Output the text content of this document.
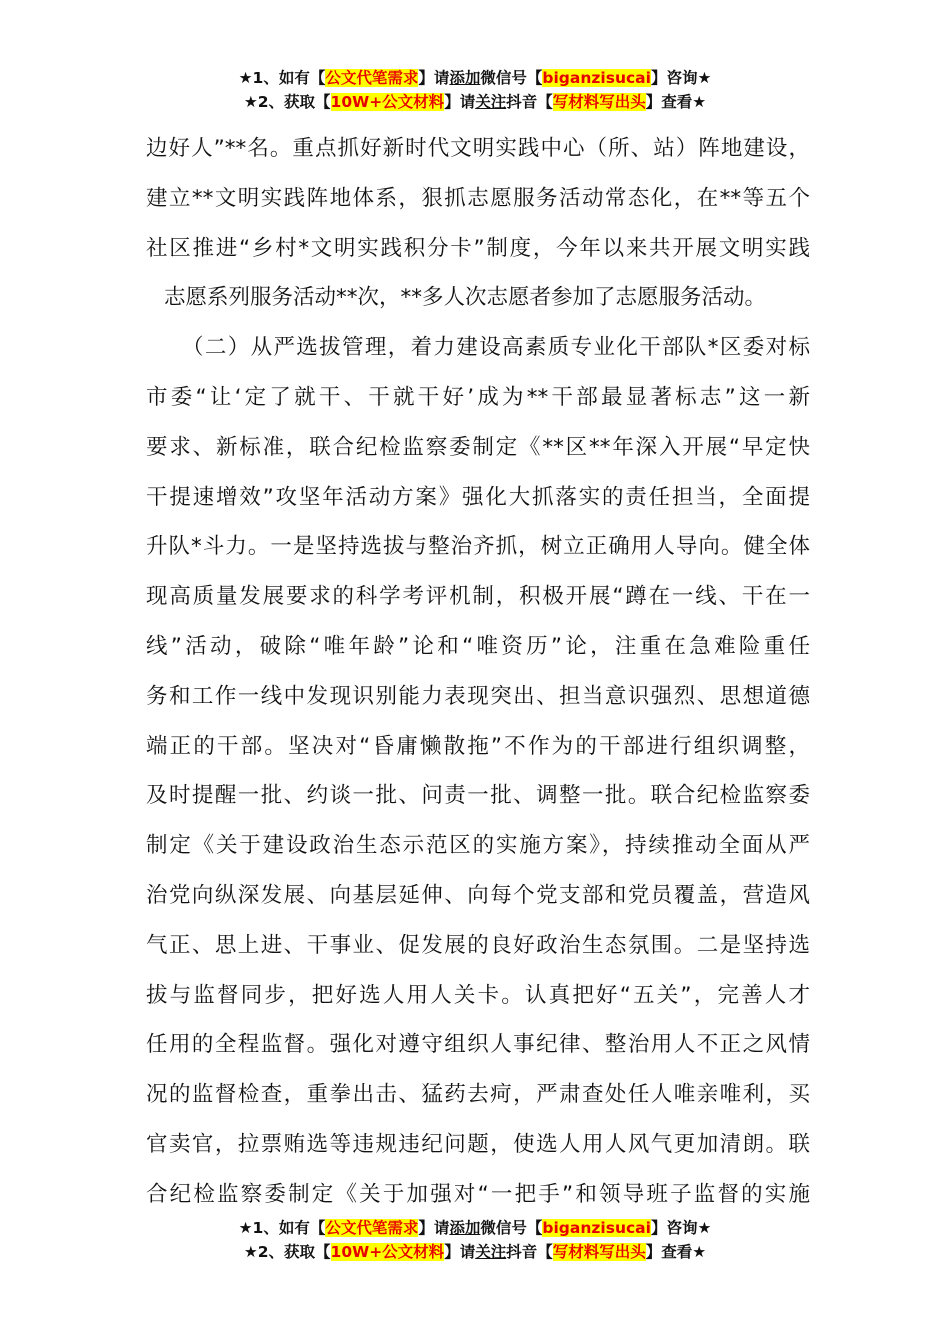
★1、如有【公文代笔需求】请添加微信号【biganzisucai】咨询★
★2、获取【10W+公文材料】请关注抖音【写材料写出头】查看★
边好人”**名。重点抓好新时代文明实践中心（所、站）阵地建设，
建立**文明实践阵地体系，狠抓志愿服务活动常态化，在**等五个
社区推进“乡村*文明实践积分卡”制度，今年以来共开展文明实践
志愿系列服务活动**次，**多人次志愿者参加了志愿服务活动。
（二）从严选拔管理，着力建设高素质专业化干部队*区委对标
市委“让‘定了就干、干就干好’成为**干部最显著标志”这一新
要求、新标准，联合纪检监察委制定《**区**年深入开展“早定快
干提速增效”攻坚年活动方案》强化大抓落实的责任担当，全面提
升队*斗力。一是坚持选拔与整治齐抓，树立正确用人导向。健全体
现高质量发展要求的科学考评机制，积极开展“蹲在一线、干在一
线”活动，破除“唯年龄”论和“唯资历”论，注重在急难险重任
务和工作一线中发现识别能力表现突出、担当意识强烈、思想道德
端正的干部。坚决对“昏庸懒散拖”不作为的干部进行组织调整，
及时提醒一批、约谈一批、问责一批、调整一批。联合纪检监察委
制定《关于建设政治生态示范区的实施方案》，持续推动全面从严
治党向纵深发展、向基层延伸、向每个党支部和党员覆盖，营造风
气正、思上进、干事业、促发展的良好政治生态氛围。二是坚持选
拔与监督同步，把好选人用人关卡。认真把好“五关”，完善人才
任用的全程监督。强化对遵守组织人事纪律、整治用人不正之风情
况的监督检查，重拳出击、猛药去疴，严肃查处任人唯亲唯利，买
官卖官，拉票贿选等违规违纪问题，使选人用人风气更加清朗。联
合纪检监察委制定《关于加强对“一把手”和领导班子监督的实施
★1、如有【公文代笔需求】请添加微信号【biganzisucai】咨询★
★2、获取【10W+公文材料】请关注抖音【写材料写出头】查看★
